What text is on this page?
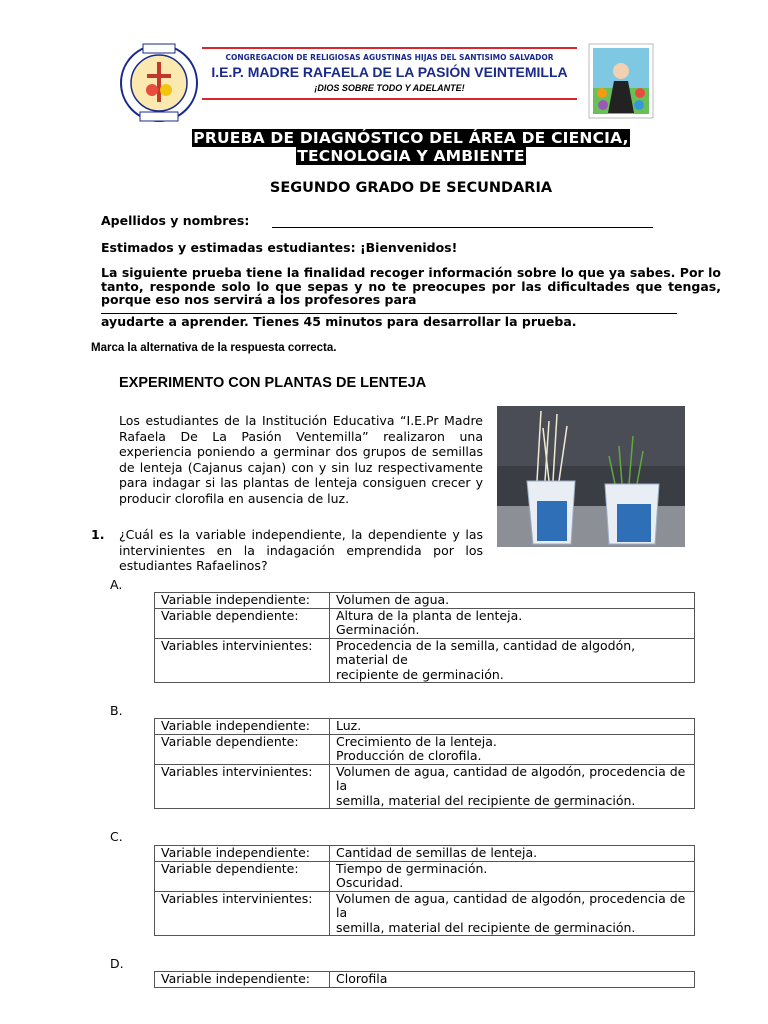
CONGREGACION DE RELIGIOSAS AGUSTINAS HIJAS DEL SANTISIMO SALVADOR
I.E.P. MADRE RAFAELA DE LA PASIÓN VEINTEMILLA
¡DIOS SOBRE TODO Y ADELANTE!
PRUEBA DE DIAGNÓSTICO DEL ÁREA DE CIENCIA,
TECNOLOGIA Y AMBIENTE
SEGUNDO GRADO DE SECUNDARIA
Apellidos y nombres:
Estimados y estimadas estudiantes: ¡Bienvenidos!
La siguiente prueba tiene la finalidad recoger información sobre lo que ya sabes. Por lo tanto, responde solo lo que sepas y no te preocupes por las dificultades que tengas, porque eso nos servirá a los profesores para
ayudarte a aprender. Tienes 45 minutos para desarrollar la prueba.
Marca la alternativa de la respuesta correcta.
EXPERIMENTO CON PLANTAS DE LENTEJA
Los estudiantes de la Institución Educativa “I.E.Pr Madre Rafaela De La Pasión Ventemilla” realizaron una experiencia poniendo a germinar dos grupos de semillas de lenteja (Cajanus cajan) con y sin luz respectivamente para indagar si las plantas de lenteja consiguen crecer y producir clorofila en ausencia de luz.
1. ¿Cuál es la variable independiente, la dependiente y las intervinientes en la indagación emprendida por los estudiantes Rafaelinos?
A.
Variable independiente:	Volumen de agua.

Variable dependiente:	Altura de la planta de lenteja.
Germinación.

Variables intervinientes:	Procedencia de la semilla, cantidad de algodón, material de
recipiente de germinación.
B.
Variable independiente:	Luz.

Variable dependiente:	Crecimiento de la lenteja.
Producción de clorofila.

Variables intervinientes:	Volumen de agua, cantidad de algodón, procedencia de la
semilla, material del recipiente de germinación.
C.
Variable independiente:	Cantidad de semillas de lenteja.

Variable dependiente:	Tiempo de germinación.
Oscuridad.

Variables intervinientes:	Volumen de agua, cantidad de algodón, procedencia de la
semilla, material del recipiente de germinación.
D.
Variable independiente:	Clorofila
